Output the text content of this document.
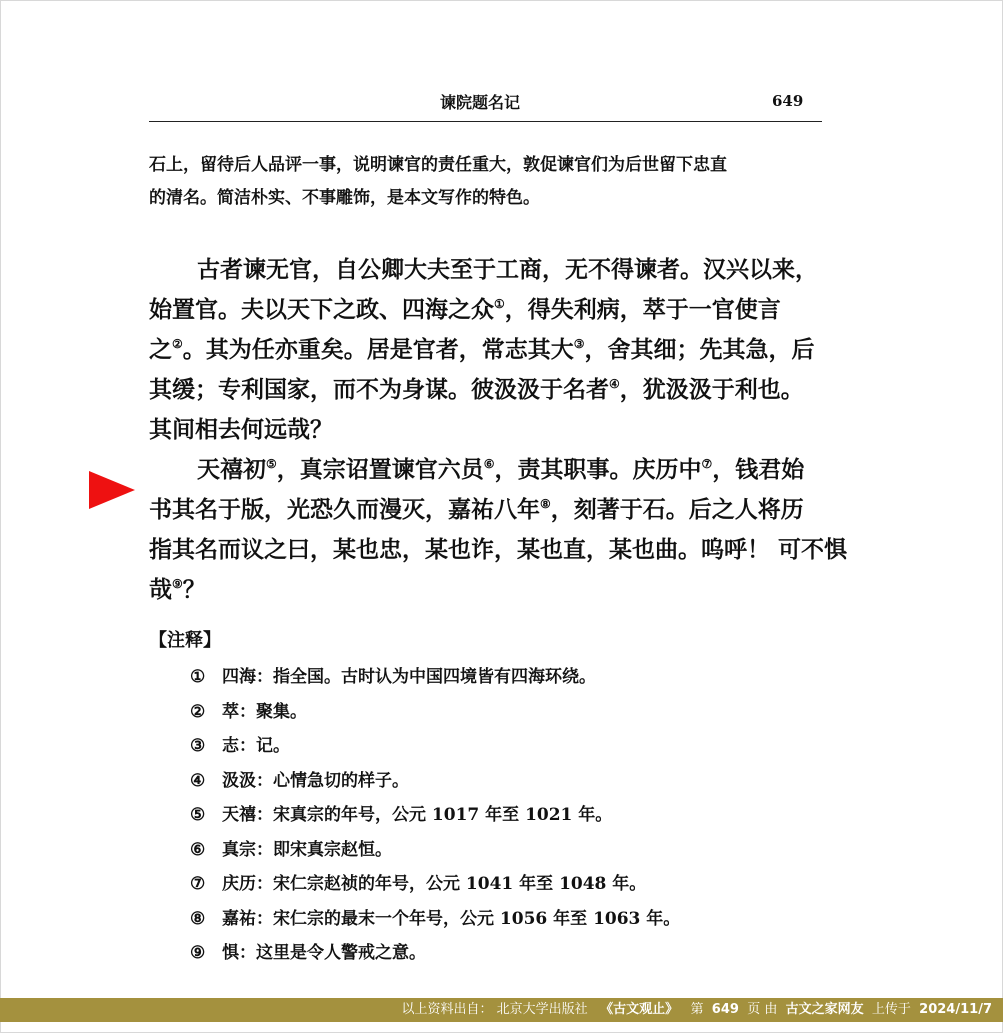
谏院题名记	649
石上，留待后人品评一事，说明谏官的责任重大，敦促谏官们为后世留下忠直
的清名。简洁朴实、不事雕饰，是本文写作的特色。
古者谏无官，自公卿大夫至于工商，无不得谏者。汉兴以来，
始置官。夫以天下之政、四海之众①，得失利病，萃于一官使言
之②。其为任亦重矣。居是官者，常志其大③，舍其细；先其急，后
其缓；专利国家，而不为身谋。彼汲汲于名者④，犹汲汲于利也。
其间相去何远哉？
天禧初⑤，真宗诏置谏官六员⑥，责其职事。庆历中⑦，钱君始
书其名于版，光恐久而漫灭，嘉祐八年⑧，刻著于石。后之人将历
指其名而议之曰，某也忠，某也诈，某也直，某也曲。呜呼！ 可不惧
哉⑨？
【注释】
① 四海：指全国。古时认为中国四境皆有四海环绕。
② 萃：聚集。
③ 志：记。
④ 汲汲：心情急切的样子。
⑤ 天禧：宋真宗的年号，公元 1017 年至 1021 年。
⑥ 真宗：即宋真宗赵恒。
⑦ 庆历：宋仁宗赵祯的年号，公元 1041 年至 1048 年。
⑧ 嘉祐：宋仁宗的最末一个年号，公元 1056 年至 1063 年。
⑨ 惧：这里是令人警戒之意。
以上资料出自： 北京大学出版社 《古文观止》 第 649 页 由 古文之家网友 上传于 2024/11/7
